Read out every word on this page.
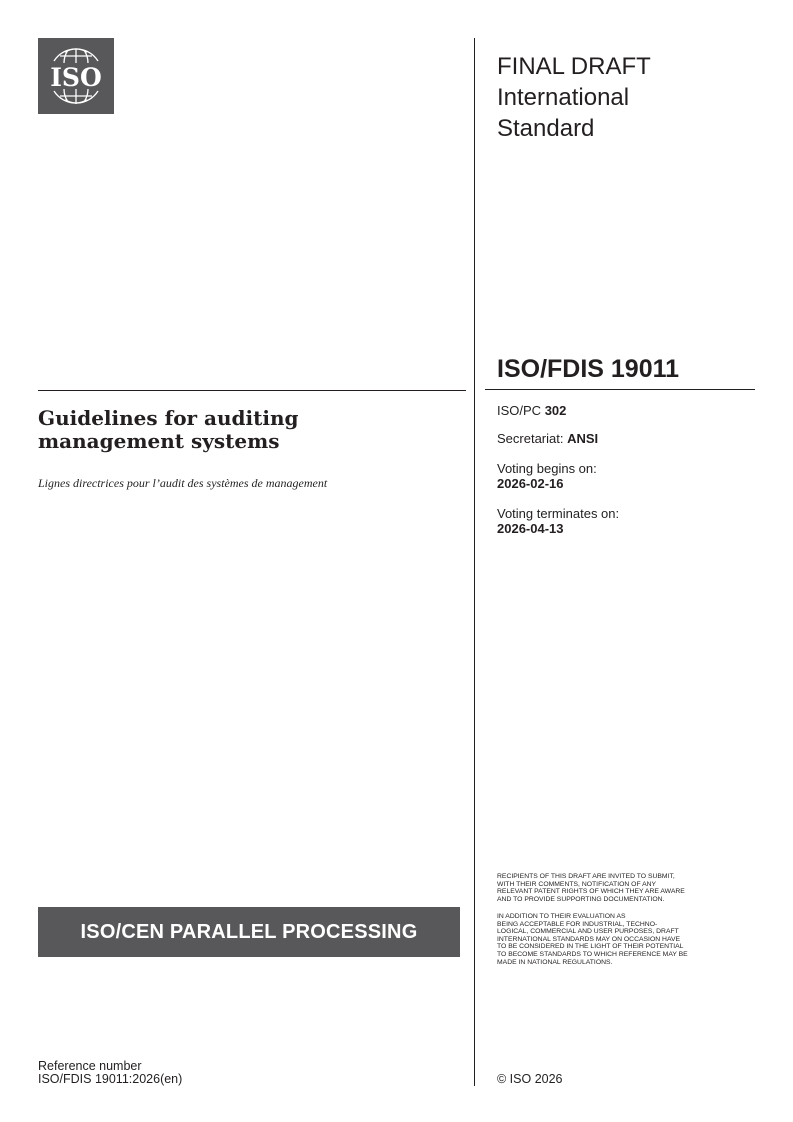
ISO	FINAL DRAFT
International
Standard
ISO/FDIS 19011
Guidelines for auditing
management systems
Lignes directrices pour l’audit des systèmes de management
ISO/PC 302
Secretariat: ANSI
Voting begins on:
2026-02-16
Voting terminates on:
2026-04-13
RECIPIENTS OF THIS DRAFT ARE INVITED TO SUBMIT,
WITH THEIR COMMENTS, NOTIFICATION OF ANY
RELEVANT PATENT RIGHTS OF WHICH THEY ARE AWARE
AND TO PROVIDE SUPPORTING DOCUMENTATION.
IN ADDITION TO THEIR EVALUATION AS
BEING ACCEPTABLE FOR INDUSTRIAL, TECHNO-
LOGICAL, COMMERCIAL AND USER PURPOSES, DRAFT
INTERNATIONAL STANDARDS MAY ON OCCASION HAVE
TO BE CONSIDERED IN THE LIGHT OF THEIR POTENTIAL
TO BECOME STANDARDS TO WHICH REFERENCE MAY BE
MADE IN NATIONAL REGULATIONS.
ISO/CEN PARALLEL PROCESSING
Reference number
ISO/FDIS 19011:2026(en)	© ISO 2026
